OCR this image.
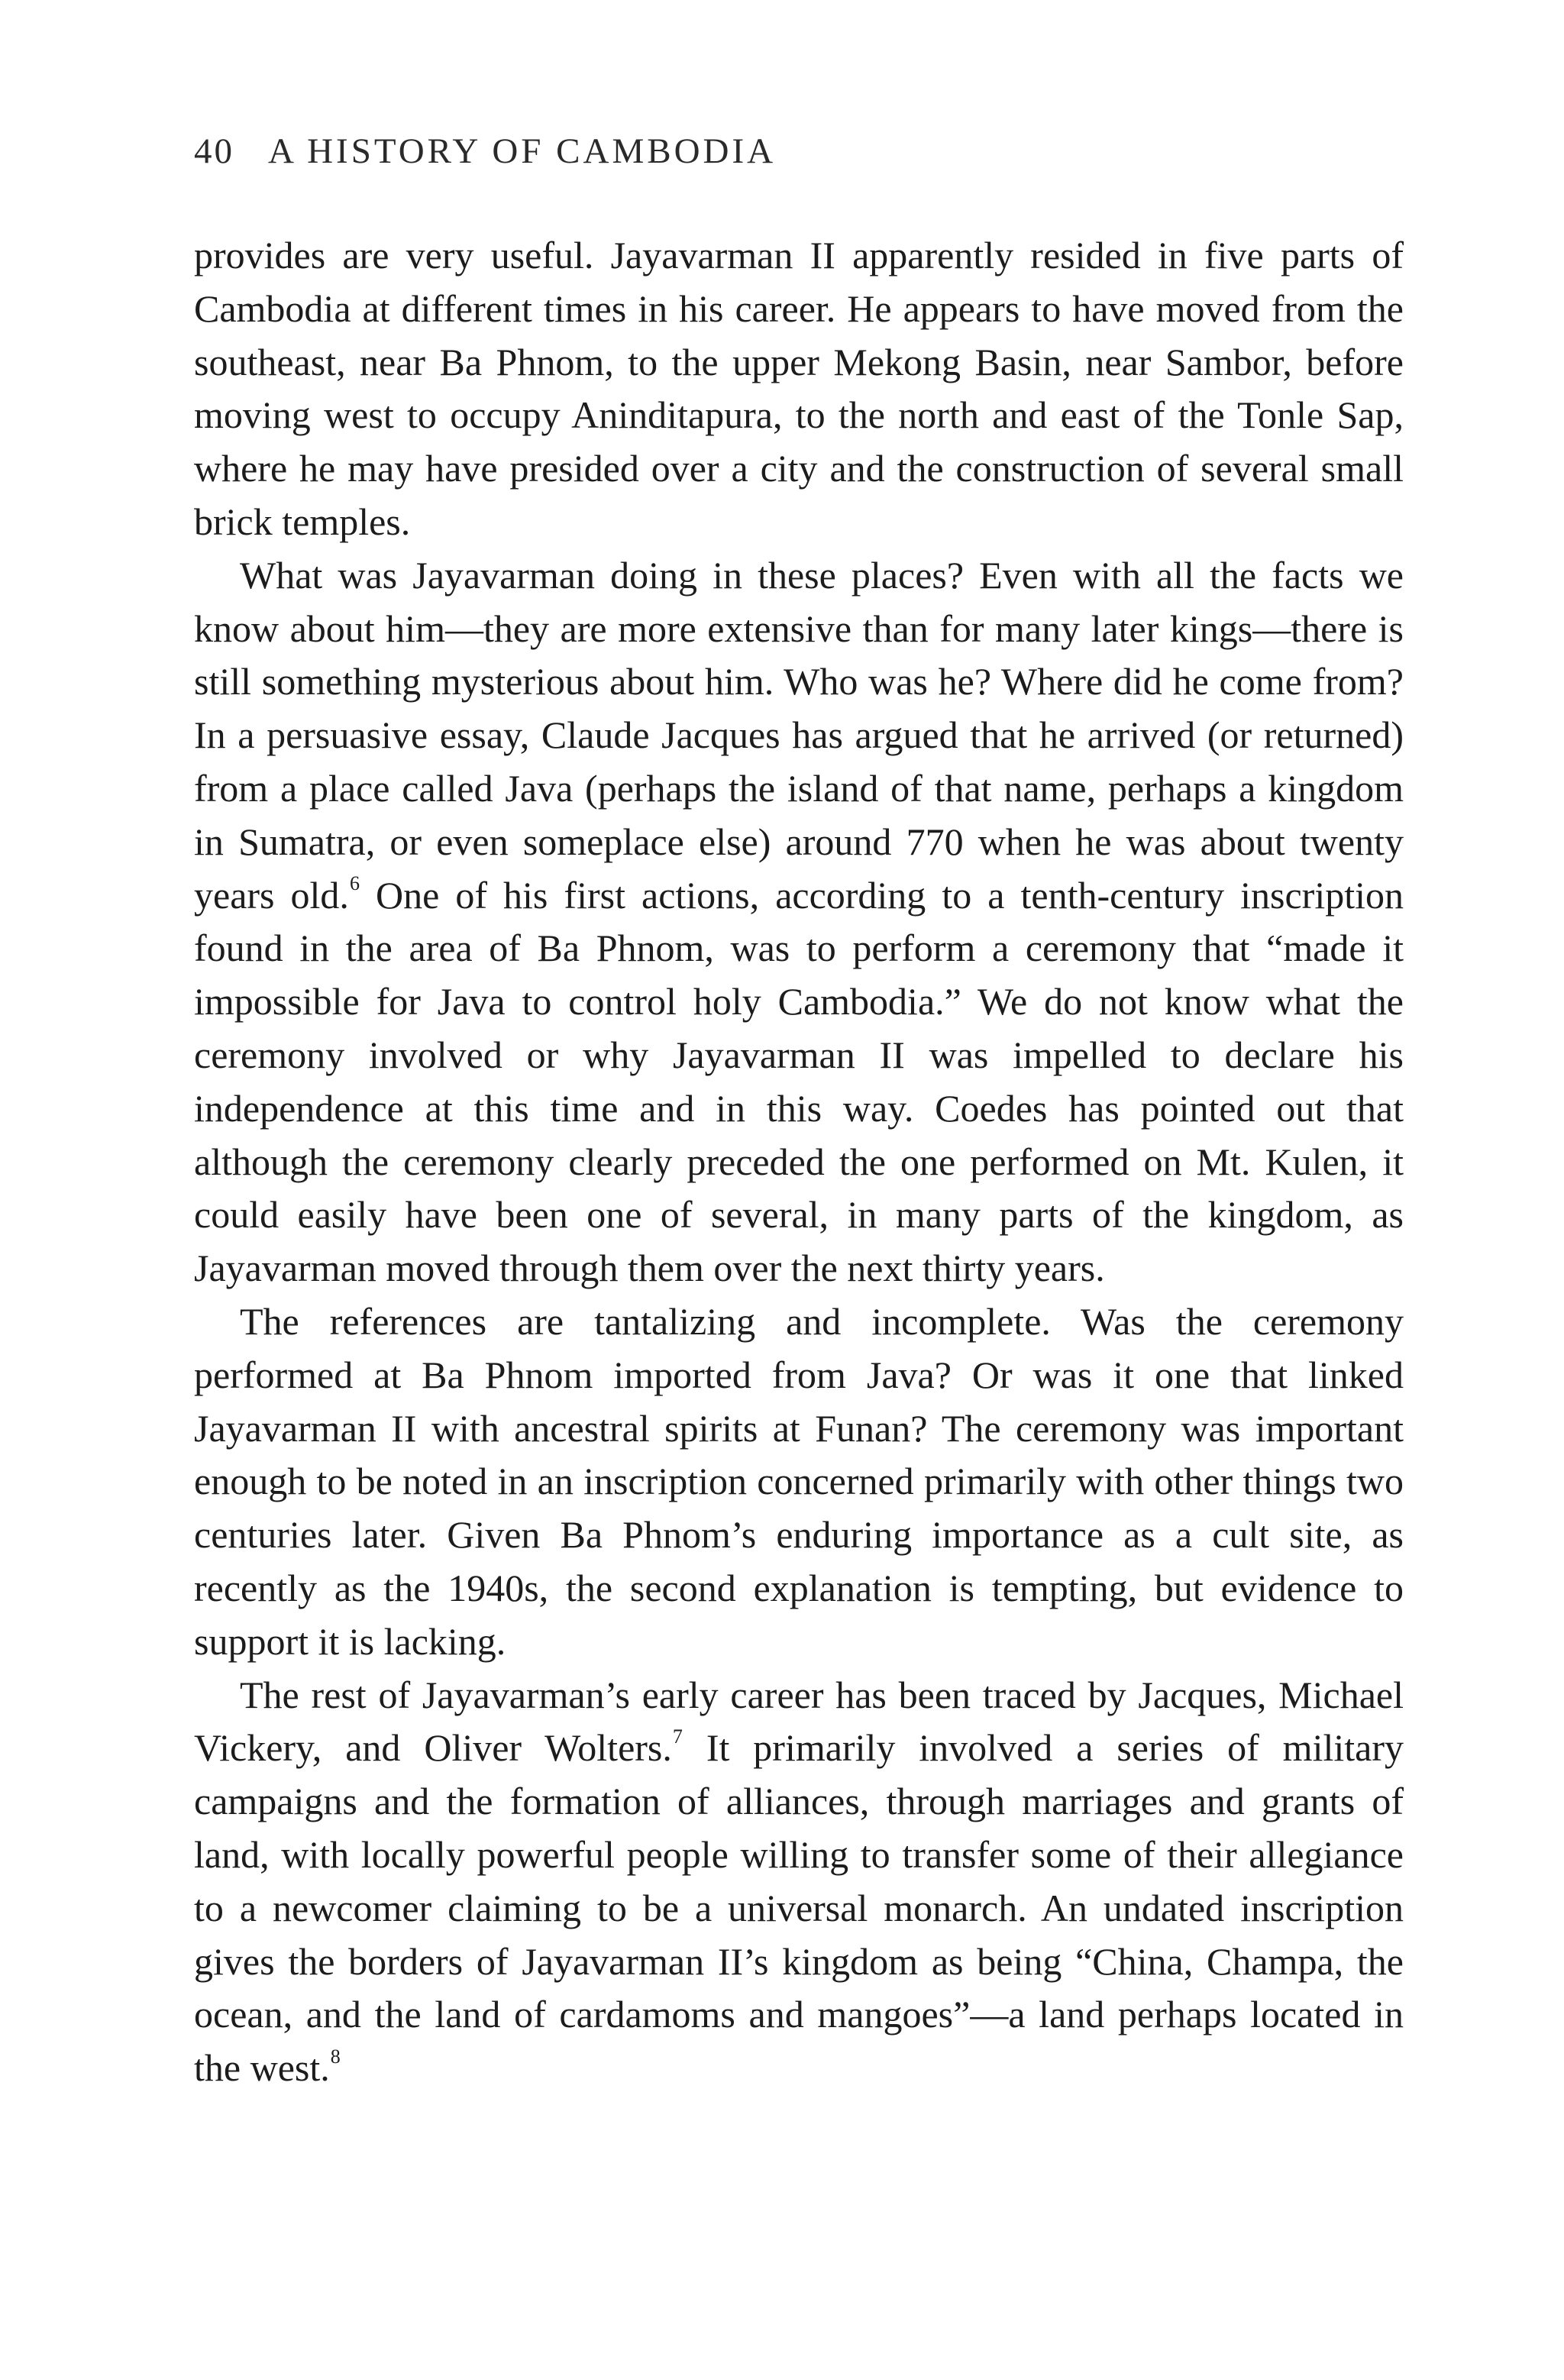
40 A HISTORY OF CAMBODIA

provides are very useful. Jayavarman II apparently resided in five parts of Cambodia at different times in his career. He appears to have moved from the southeast, near Ba Phnom, to the upper Mekong Basin, near Sambor, before moving west to occupy Aninditapura, to the north and east of the Tonle Sap, where he may have presided over a city and the construction of several small brick temples.

What was Jayavarman doing in these places? Even with all the facts we know about him—they are more extensive than for many later kings—there is still something mysterious about him. Who was he? Where did he come from? In a persuasive essay, Claude Jacques has argued that he arrived (or returned) from a place called Java (perhaps the island of that name, perhaps a kingdom in Sumatra, or even someplace else) around 770 when he was about twenty years old.$^6$ One of his first actions, according to a tenth-century inscription found in the area of Ba Phnom, was to perform a ceremony that “made it impossible for Java to control holy Cambodia.” We do not know what the ceremony involved or why Jayavarman II was impelled to declare his independence at this time and in this way. Coedes has pointed out that although the ceremony clearly preceded the one performed on Mt. Kulen, it could easily have been one of several, in many parts of the kingdom, as Jayavarman moved through them over the next thirty years.

The references are tantalizing and incomplete. Was the ceremony performed at Ba Phnom imported from Java? Or was it one that linked Jayavarman II with ancestral spirits at Funan? The ceremony was important enough to be noted in an inscription concerned primarily with other things two centuries later. Given Ba Phnom’s enduring importance as a cult site, as recently as the 1940s, the second explanation is tempting, but evidence to support it is lacking.

The rest of Jayavarman’s early career has been traced by Jacques, Michael Vickery, and Oliver Wolters.$^7$ It primarily involved a series of military campaigns and the formation of alliances, through marriages and grants of land, with locally powerful people willing to transfer some of their allegiance to a newcomer claiming to be a universal monarch. An undated inscription gives the borders of Jayavarman II’s kingdom as being “China, Champa, the ocean, and the land of cardamoms and mangoes”—a land perhaps located in the west.$^8$
